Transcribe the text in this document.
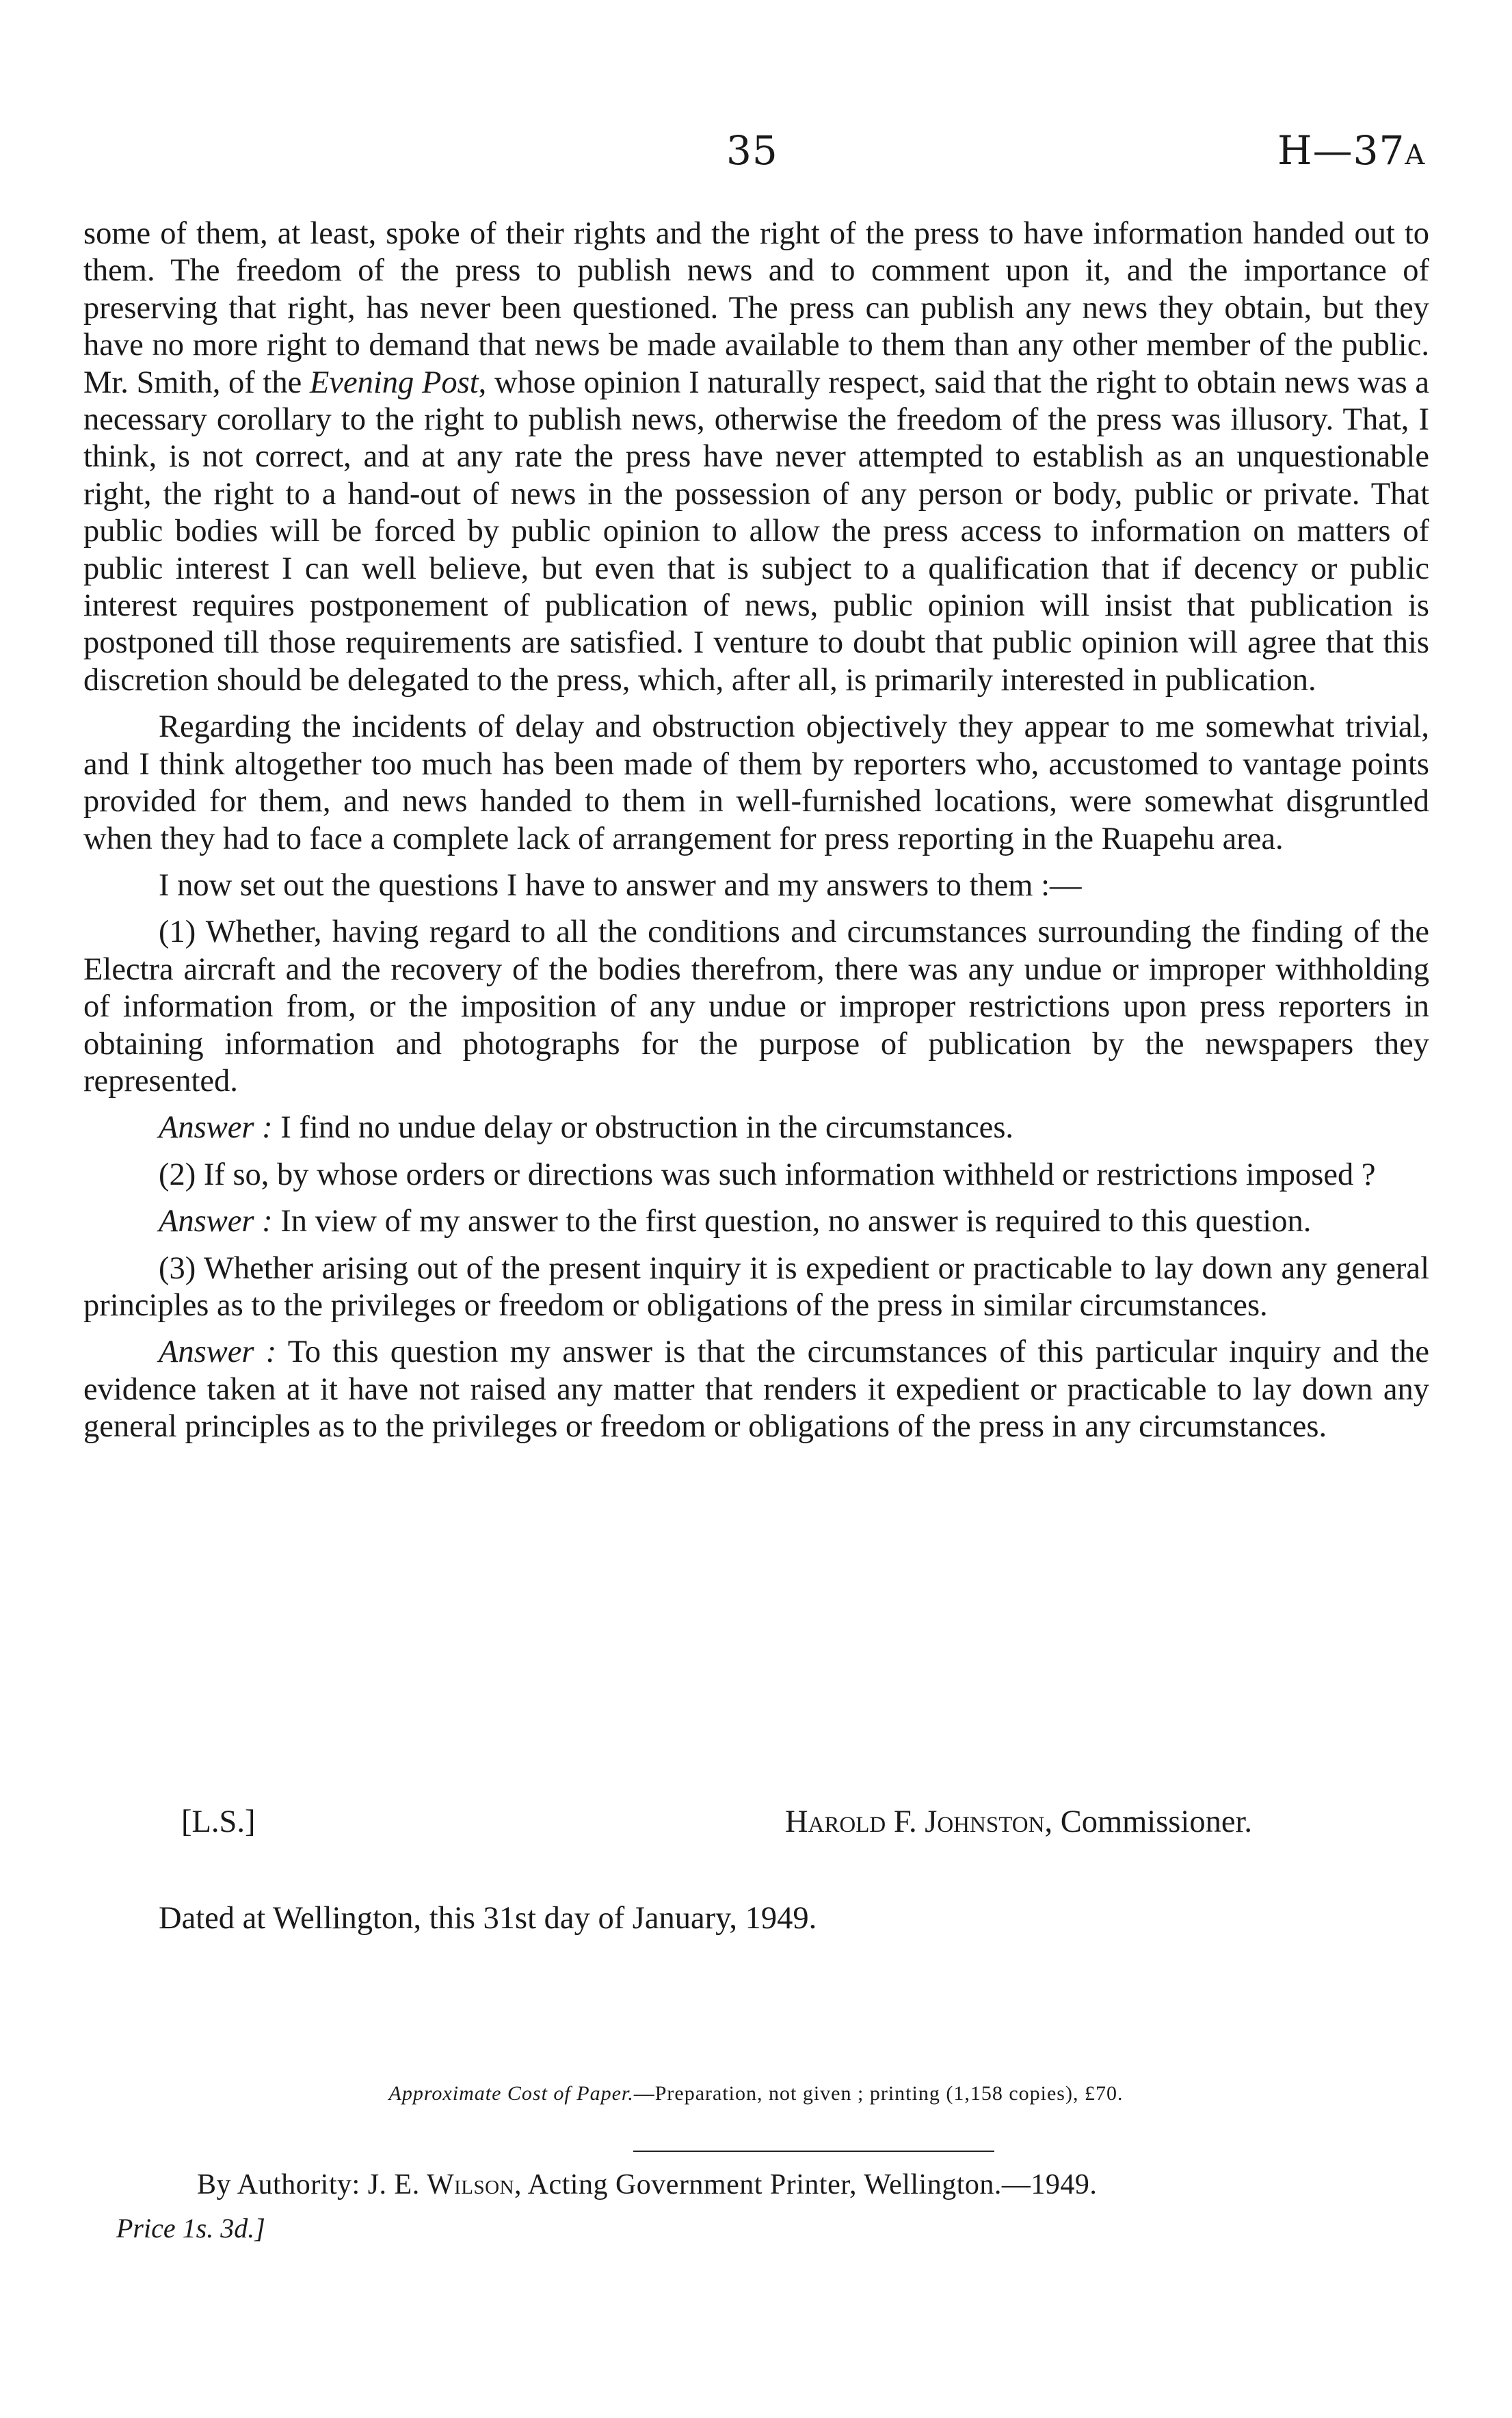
35	H—37A

some of them, at least, spoke of their rights and the right of the press to have information handed out to them. The freedom of the press to publish news and to comment upon it, and the importance of preserving that right, has never been questioned. The press can publish any news they obtain, but they have no more right to demand that news be made available to them than any other member of the public. Mr. Smith, of the Evening Post, whose opinion I naturally respect, said that the right to obtain news was a necessary corollary to the right to publish news, otherwise the freedom of the press was illusory. That, I think, is not correct, and at any rate the press have never attempted to establish as an unquestionable right, the right to a hand-out of news in the possession of any person or body, public or private. That public bodies will be forced by public opinion to allow the press access to information on matters of public interest I can well believe, but even that is subject to a qualification that if decency or public interest requires postponement of publication of news, public opinion will insist that publication is postponed till those requirements are satisfied. I venture to doubt that public opinion will agree that this discretion should be delegated to the press, which, after all, is primarily interested in publication.

Regarding the incidents of delay and obstruction objectively they appear to me somewhat trivial, and I think altogether too much has been made of them by reporters who, accustomed to vantage points provided for them, and news handed to them in well-furnished locations, were somewhat disgruntled when they had to face a complete lack of arrangement for press reporting in the Ruapehu area.

I now set out the questions I have to answer and my answers to them :—

(1) Whether, having regard to all the conditions and circumstances surrounding the finding of the Electra aircraft and the recovery of the bodies therefrom, there was any undue or improper withholding of information from, or the imposition of any undue or improper restrictions upon press reporters in obtaining information and photographs for the purpose of publication by the newspapers they represented.

Answer : I find no undue delay or obstruction in the circumstances.

(2) If so, by whose orders or directions was such information withheld or restrictions imposed ?

Answer : In view of my answer to the first question, no answer is required to this question.

(3) Whether arising out of the present inquiry it is expedient or practicable to lay down any general principles as to the privileges or freedom or obligations of the press in similar circumstances.

Answer : To this question my answer is that the circumstances of this particular inquiry and the evidence taken at it have not raised any matter that renders it expedient or practicable to lay down any general principles as to the privileges or freedom or obligations of the press in any circumstances.

[L.S.]	Harold F. Johnston, Commissioner.
Dated at Wellington, this 31st day of January, 1949.
Approximate Cost of Paper.—Preparation, not given ; printing (1,158 copies), £70.
By Authority: J. E. Wilson, Acting Government Printer, Wellington.—1949.
Price 1s. 3d.]
